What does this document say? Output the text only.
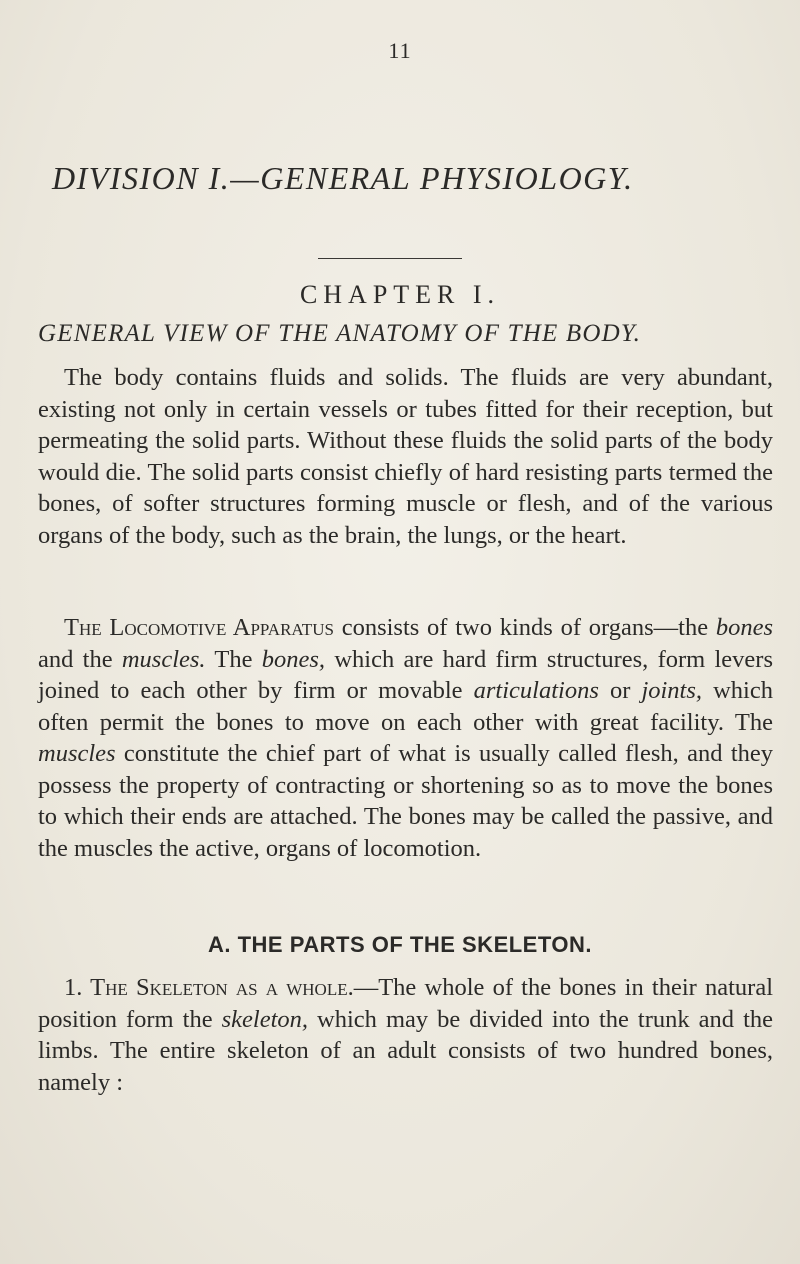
11
DIVISION I.—GENERAL PHYSIOLOGY.
CHAPTER I.
GENERAL VIEW OF THE ANATOMY OF THE BODY.

The body contains fluids and solids. The fluids are very abundant, existing not only in certain vessels or tubes fitted for their reception, but permeating the solid parts. Without these fluids the solid parts of the body would die. The solid parts consist chiefly of hard resisting parts termed the bones, of softer structures forming muscle or flesh, and of the various organs of the body, such as the brain, the lungs, or the heart.

The Locomotive Apparatus consists of two kinds of organs—the bones and the muscles. The bones, which are hard firm structures, form levers joined to each other by firm or movable articulations or joints, which often permit the bones to move on each other with great facility. The muscles constitute the chief part of what is usually called flesh, and they possess the property of contracting or shortening so as to move the bones to which their ends are attached. The bones may be called the passive, and the muscles the active, organs of locomotion.

A. THE PARTS OF THE SKELETON.

1. The Skeleton as a whole.—The whole of the bones in their natural position form the skeleton, which may be divided into the trunk and the limbs. The entire skeleton of an adult consists of two hundred bones, namely :
